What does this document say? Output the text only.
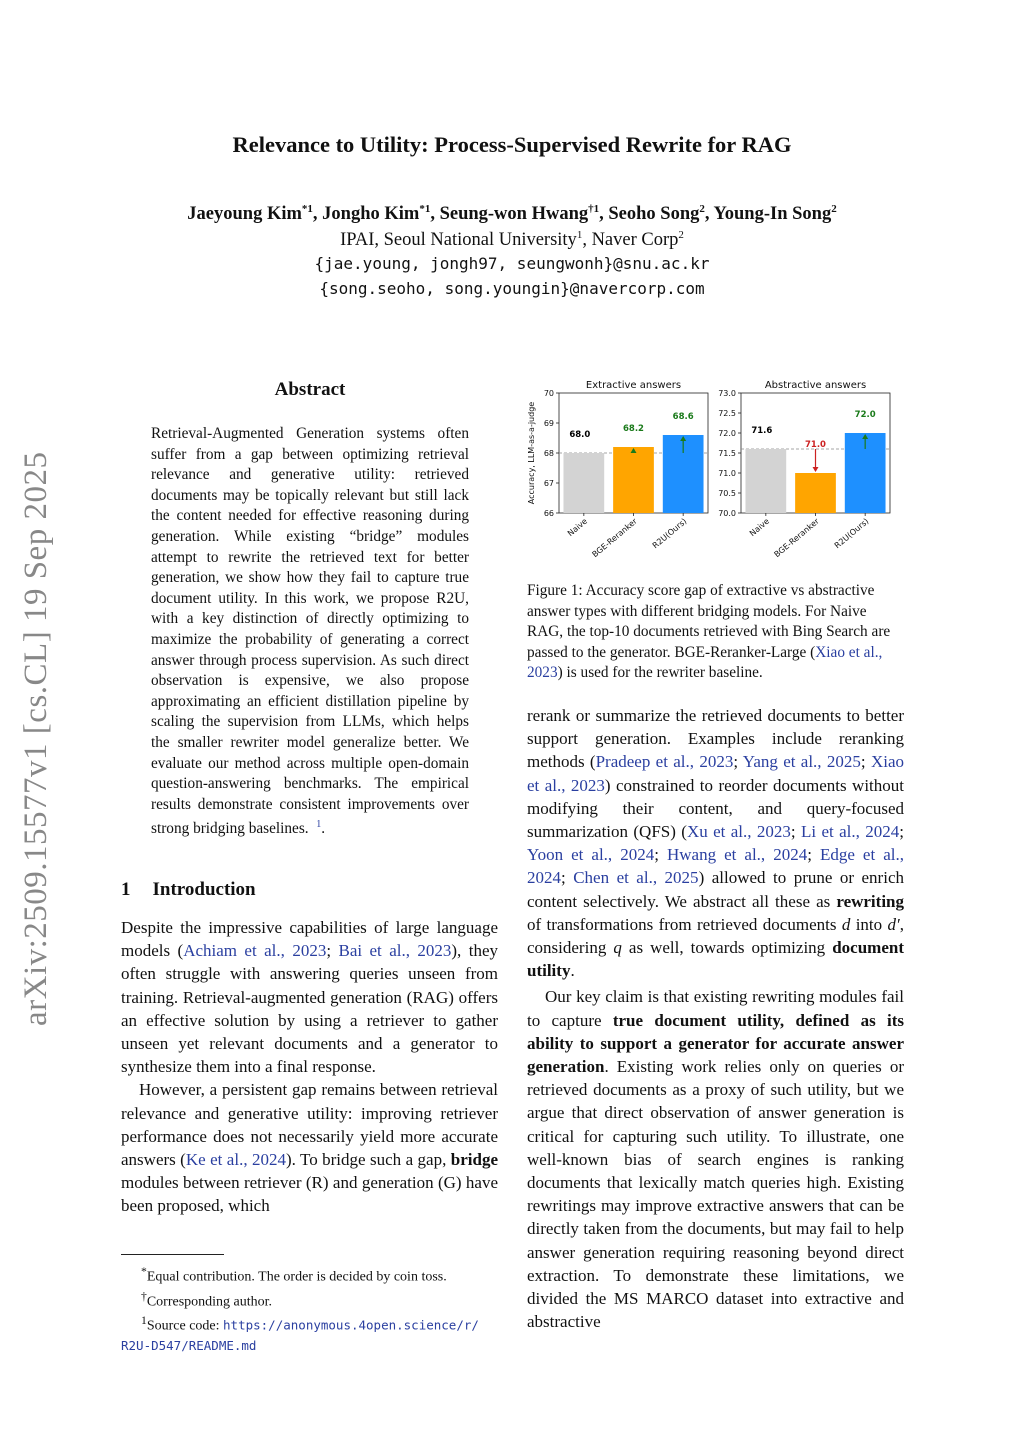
arXiv:2509.15577v1 [cs.CL] 19 Sep 2025
Relevance to Utility: Process-Supervised Rewrite for RAG
Jaeyoung Kim$^{*1}$, Jongho Kim$^{*1}$, Seung-won Hwang$^{\dagger 1}$, Seoho Song$^2$, Young-In Song$^2$
IPAI, Seoul National University$^1$, Naver Corp$^2$
{jae.young, jongh97, seungwonh}@snu.ac.kr
{song.seoho, song.youngin}@navercorp.com
Abstract
Retrieval-Augmented Generation systems often suffer from a gap between optimizing retrieval relevance and generative utility: retrieved documents may be topically relevant but still lack the content needed for effective reasoning during generation. While existing “bridge” modules attempt to rewrite the retrieved text for better generation, we show how they fail to capture true document utility. In this work, we propose R2U, with a key distinction of directly optimizing to maximize the probability of generating a correct answer through process supervision. As such direct observation is expensive, we also propose approximating an efficient distillation pipeline by scaling the supervision from LLMs, which helps the smaller rewriter model generalize better. We evaluate our method across multiple open-domain question-answering benchmarks. The empirical results demonstrate consistent improvements over strong bridging baselines. $^1$.
1 Introduction

Despite the impressive capabilities of large language models (Achiam et al., 2023; Bai et al., 2023), they often struggle with answering queries unseen from training. Retrieval-augmented generation (RAG) offers an effective solution by using a retriever to gather unseen yet relevant documents and a generator to synthesize them into a final response.

However, a persistent gap remains between retrieval relevance and generative utility: improving retriever performance does not necessarily yield more accurate answers (Ke et al., 2024). To bridge such a gap, bridge modules between retriever (R) and generation (G) have been proposed, which

*Equal contribution. The order is decided by coin toss.
†Corresponding author.
$^1$Source code: https://anonymous.4open.science/r/
R2U-D547/README.md
Extractive answers
66
67
68
69
70
68.0
Naive
68.2
BGE-Reranker
68.6
R2U(Ours)
Accuracy, LLM-as-a-judge
Abstractive answers
70.0
70.5
71.0
71.5
72.0
72.5
73.0
71.6
Naive
71.0
BGE-Reranker
72.0
R2U(Ours)
Figure 1: Accuracy score gap of extractive vs abstractive answer types with different bridging models. For Naive RAG, the top-10 documents retrieved with Bing Search are passed to the generator. BGE-Reranker-Large (Xiao et al., 2023) is used for the rewriter baseline.

rerank or summarize the retrieved documents to better support generation. Examples include reranking methods (Pradeep et al., 2023; Yang et al., 2025; Xiao et al., 2023) constrained to reorder documents without modifying their content, and query-focused summarization (QFS) (Xu et al., 2023; Li et al., 2024; Yoon et al., 2024; Hwang et al., 2024; Edge et al., 2024; Chen et al., 2025) allowed to prune or enrich content selectively. We abstract all these as rewriting of transformations from retrieved documents d into d′, considering q as well, towards optimizing document utility.

Our key claim is that existing rewriting modules fail to capture true document utility, defined as its ability to support a generator for accurate answer generation. Existing work relies only on queries or retrieved documents as a proxy of such utility, but we argue that direct observation of answer generation is critical for capturing such utility. To illustrate, one well-known bias of search engines is ranking documents that lexically match queries high. Existing rewritings may improve extractive answers that can be directly taken from the documents, but may fail to help answer generation requiring reasoning beyond direct extraction. To demonstrate these limitations, we divided the MS MARCO dataset into extractive and abstractive
